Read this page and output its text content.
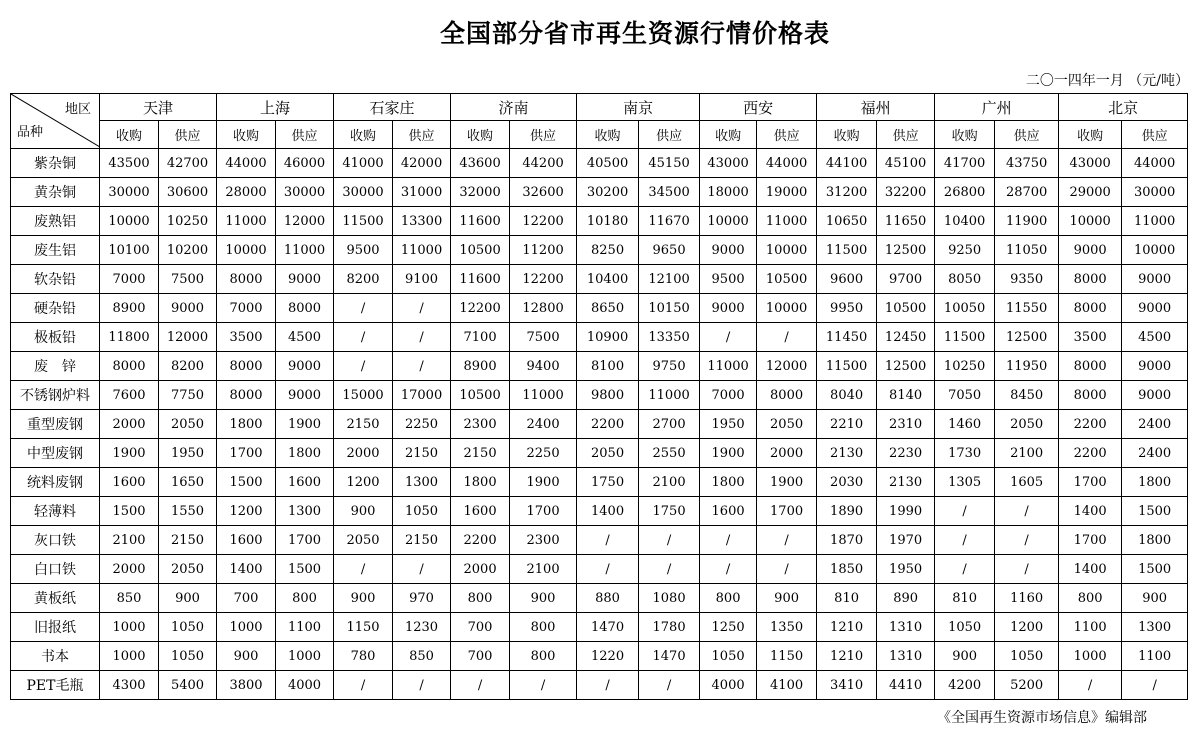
全国部分省市再生资源行情价格表
二〇一四年一月 （元/吨）
地区
品种	天津		上海		石家庄		济南		南京		西安		福州		广州		北京	
	收购	供应	收购	供应	收购	供应	收购	供应	收购	供应	收购	供应	收购	供应	收购	供应	收购	供应
紫杂铜	43500	42700	44000	46000	41000	42000	43600	44200	40500	45150	43000	44000	44100	45100	41700	43750	43000	44000
黄杂铜	30000	30600	28000	30000	30000	31000	32000	32600	30200	34500	18000	19000	31200	32200	26800	28700	29000	30000
废熟铝	10000	10250	11000	12000	11500	13300	11600	12200	10180	11670	10000	11000	10650	11650	10400	11900	10000	11000
废生铝	10100	10200	10000	11000	9500	11000	10500	11200	8250	9650	9000	10000	11500	12500	9250	11050	9000	10000
软杂铅	7000	7500	8000	9000	8200	9100	11600	12200	10400	12100	9500	10500	9600	9700	8050	9350	8000	9000
硬杂铅	8900	9000	7000	8000	/	/	12200	12800	8650	10150	9000	10000	9950	10500	10050	11550	8000	9000
极板铅	11800	12000	3500	4500	/	/	7100	7500	10900	13350	/	/	11450	12450	11500	12500	3500	4500
废　锌	8000	8200	8000	9000	/	/	8900	9400	8100	9750	11000	12000	11500	12500	10250	11950	8000	9000
不锈钢炉料	7600	7750	8000	9000	15000	17000	10500	11000	9800	11000	7000	8000	8040	8140	7050	8450	8000	9000
重型废钢	2000	2050	1800	1900	2150	2250	2300	2400	2200	2700	1950	2050	2210	2310	1460	2050	2200	2400
中型废钢	1900	1950	1700	1800	2000	2150	2150	2250	2050	2550	1900	2000	2130	2230	1730	2100	2200	2400
统料废钢	1600	1650	1500	1600	1200	1300	1800	1900	1750	2100	1800	1900	2030	2130	1305	1605	1700	1800
轻薄料	1500	1550	1200	1300	900	1050	1600	1700	1400	1750	1600	1700	1890	1990	/	/	1400	1500
灰口铁	2100	2150	1600	1700	2050	2150	2200	2300	/	/	/	/	1870	1970	/	/	1700	1800
白口铁	2000	2050	1400	1500	/	/	2000	2100	/	/	/	/	1850	1950	/	/	1400	1500
黄板纸	850	900	700	800	900	970	800	900	880	1080	800	900	810	890	810	1160	800	900
旧报纸	1000	1050	1000	1100	1150	1230	700	800	1470	1780	1250	1350	1210	1310	1050	1200	1100	1300
书本	1000	1050	900	1000	780	850	700	800	1220	1470	1050	1150	1210	1310	900	1050	1000	1100
PET毛瓶	4300	5400	3800	4000	/	/	/	/	/	/	4000	4100	3410	4410	4200	5200	/	/
《全国再生资源市场信息》编辑部
